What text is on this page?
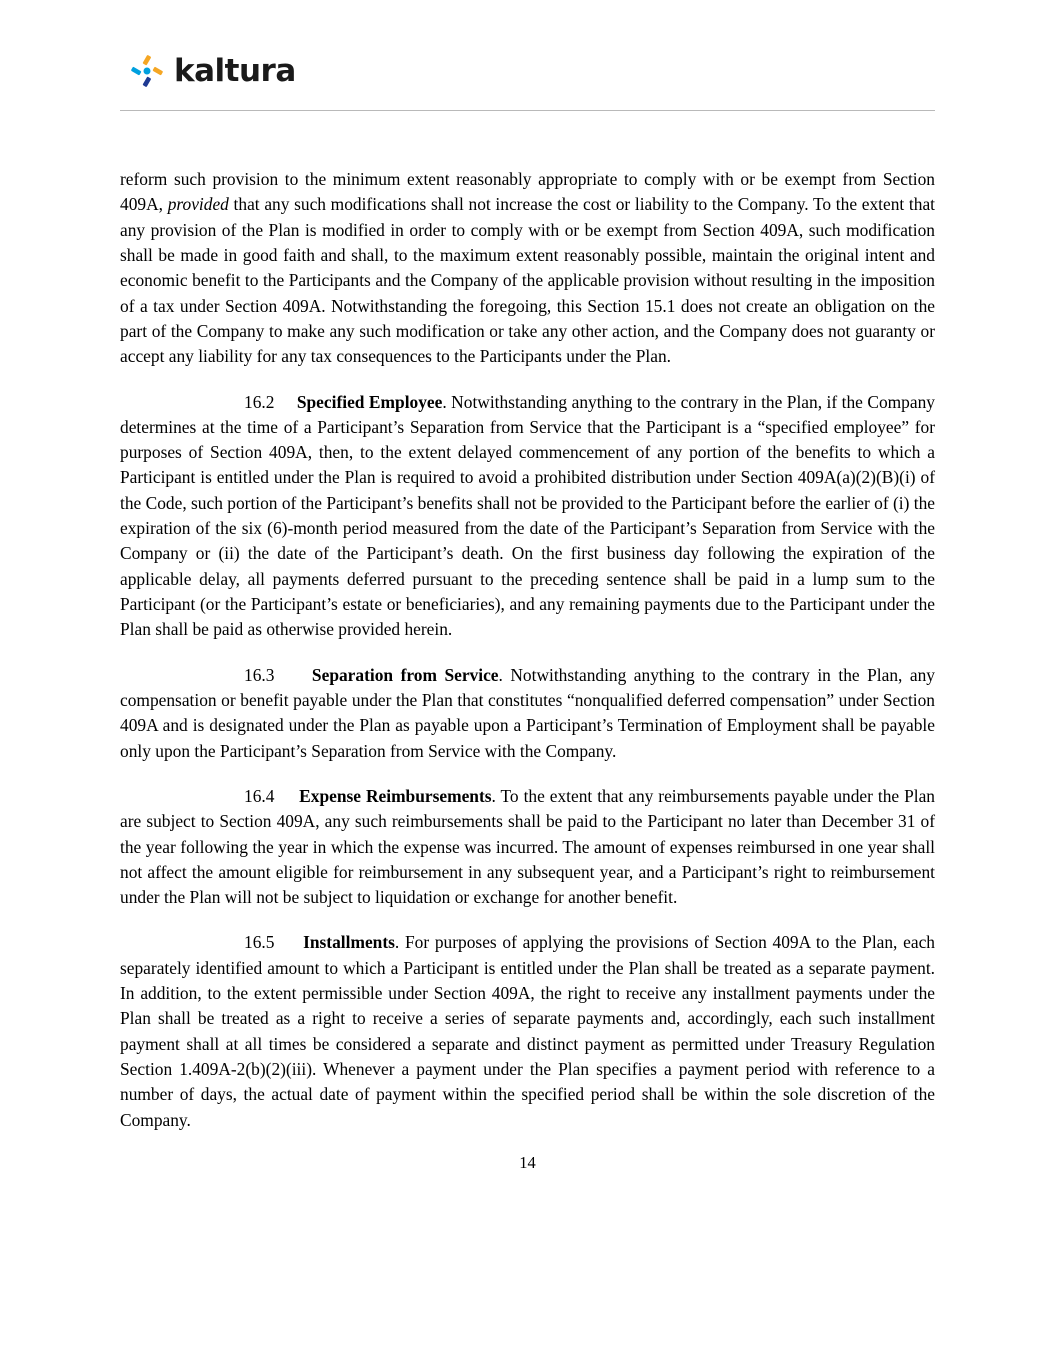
kaltura

reform such provision to the minimum extent reasonably appropriate to comply with or be exempt from Section 409A, provided that any such modifications shall not increase the cost or liability to the Company. To the extent that any provision of the Plan is modified in order to comply with or be exempt from Section 409A, such modification shall be made in good faith and shall, to the maximum extent reasonably possible, maintain the original intent and economic benefit to the Participants and the Company of the applicable provision without resulting in the imposition of a tax under Section 409A. Notwithstanding the foregoing, this Section 15.1 does not create an obligation on the part of the Company to make any such modification or take any other action, and the Company does not guaranty or accept any liability for any tax consequences to the Participants under the Plan.

16.2 Specified Employee. Notwithstanding anything to the contrary in the Plan, if the Company determines at the time of a Participant’s Separation from Service that the Participant is a “specified employee” for purposes of Section 409A, then, to the extent delayed commencement of any portion of the benefits to which a Participant is entitled under the Plan is required to avoid a prohibited distribution under Section 409A(a)(2)(B)(i) of the Code, such portion of the Participant’s benefits shall not be provided to the Participant before the earlier of (i) the expiration of the six (6)-month period measured from the date of the Participant’s Separation from Service with the Company or (ii) the date of the Participant’s death. On the first business day following the expiration of the applicable delay, all payments deferred pursuant to the preceding sentence shall be paid in a lump sum to the Participant (or the Participant’s estate or beneficiaries), and any remaining payments due to the Participant under the Plan shall be paid as otherwise provided herein.

16.3 Separation from Service. Notwithstanding anything to the contrary in the Plan, any compensation or benefit payable under the Plan that constitutes “nonqualified deferred compensation” under Section 409A and is designated under the Plan as payable upon a Participant’s Termination of Employment shall be payable only upon the Participant’s Separation from Service with the Company.

16.4 Expense Reimbursements. To the extent that any reimbursements payable under the Plan are subject to Section 409A, any such reimbursements shall be paid to the Participant no later than December 31 of the year following the year in which the expense was incurred. The amount of expenses reimbursed in one year shall not affect the amount eligible for reimbursement in any subsequent year, and a Participant’s right to reimbursement under the Plan will not be subject to liquidation or exchange for another benefit.

16.5 Installments. For purposes of applying the provisions of Section 409A to the Plan, each separately identified amount to which a Participant is entitled under the Plan shall be treated as a separate payment. In addition, to the extent permissible under Section 409A, the right to receive any installment payments under the Plan shall be treated as a right to receive a series of separate payments and, accordingly, each such installment payment shall at all times be considered a separate and distinct payment as permitted under Treasury Regulation Section 1.409A-2(b)(2)(iii). Whenever a payment under the Plan specifies a payment period with reference to a number of days, the actual date of payment within the specified period shall be within the sole discretion of the Company.

14
